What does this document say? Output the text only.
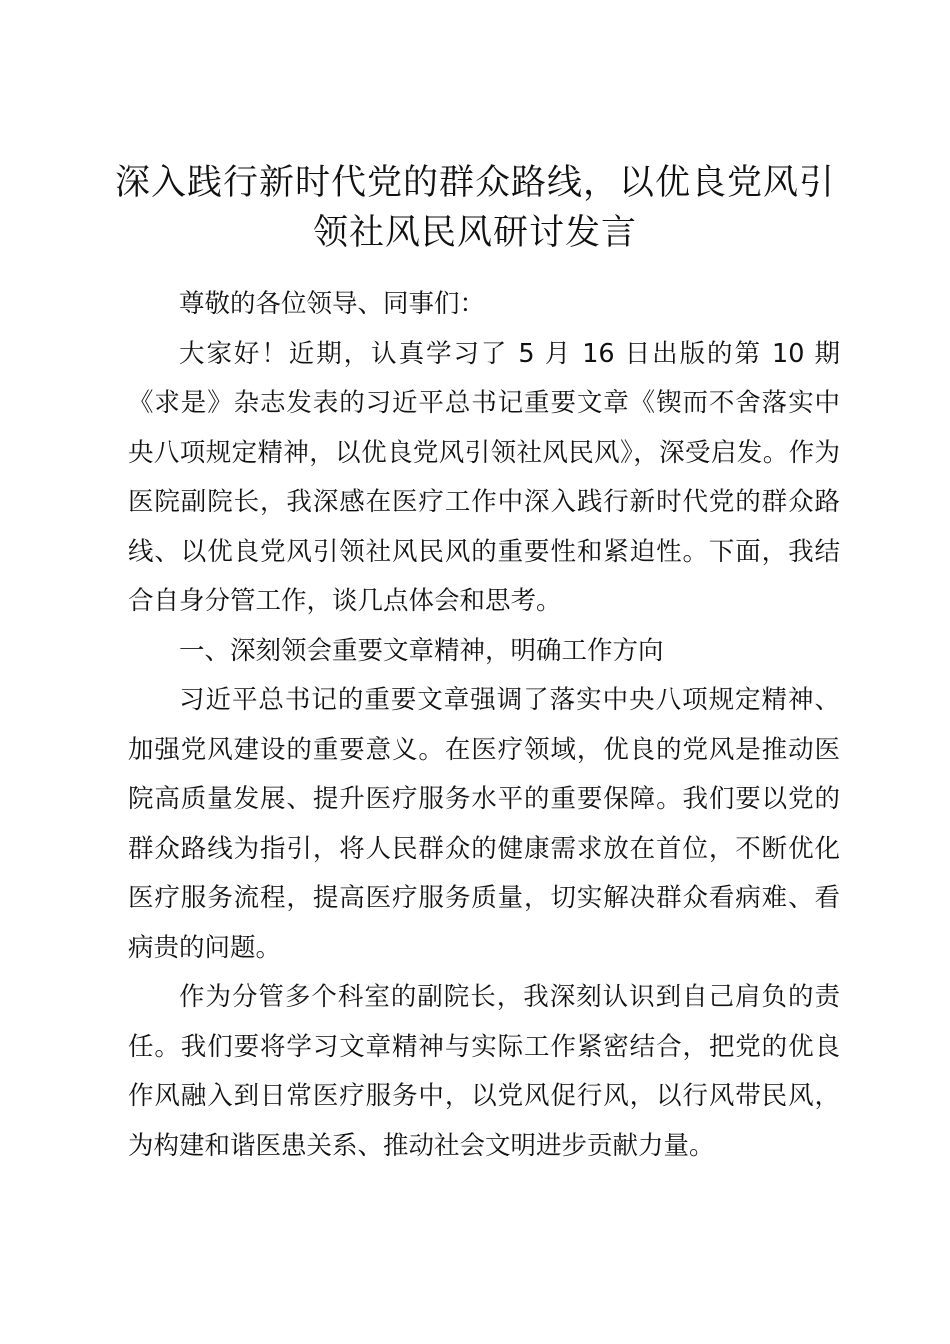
深入践行新时代党的群众路线，以优良党风引
领社风民风研讨发言

尊敬的各位领导、同事们：

大家好！近期，认真学习了 5 月 16 日出版的第 10 期《求是》杂志发表的习近平总书记重要文章《锲而不舍落实中央八项规定精神，以优良党风引领社风民风》，深受启发。作为医院副院长，我深感在医疗工作中深入践行新时代党的群众路线、以优良党风引领社风民风的重要性和紧迫性。下面，我结合自身分管工作，谈几点体会和思考。

一、深刻领会重要文章精神，明确工作方向

习近平总书记的重要文章强调了落实中央八项规定精神、加强党风建设的重要意义。在医疗领域，优良的党风是推动医院高质量发展、提升医疗服务水平的重要保障。我们要以党的群众路线为指引，将人民群众的健康需求放在首位，不断优化医疗服务流程，提高医疗服务质量，切实解决群众看病难、看病贵的问题。

作为分管多个科室的副院长，我深刻认识到自己肩负的责任。我们要将学习文章精神与实际工作紧密结合，把党的优良作风融入到日常医疗服务中，以党风促行风，以行风带民风，为构建和谐医患关系、推动社会文明进步贡献力量。
